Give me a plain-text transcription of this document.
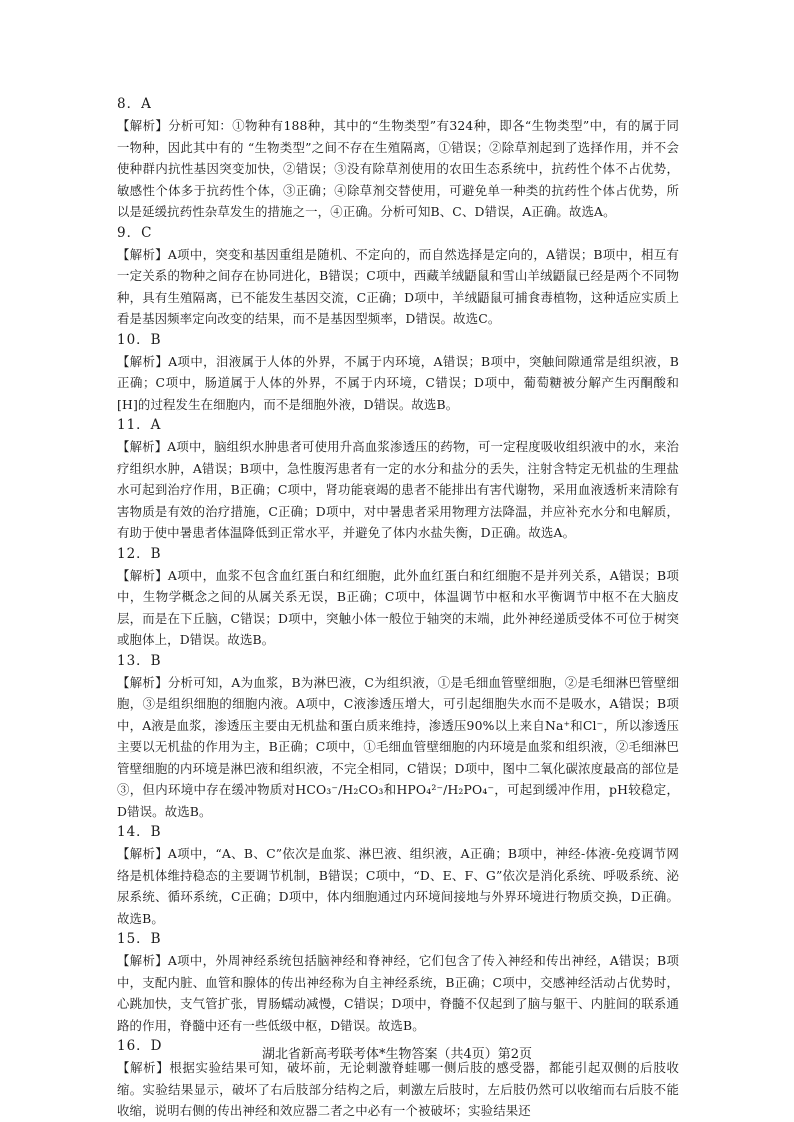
8．A
【解析】分析可知：①物种有188种，其中的“生物类型”有324种，即各“生物类型”中，有的属于同一物种，因此其中有的 “生物类型”之间不存在生殖隔离，①错误；②除草剂起到了选择作用，并不会使种群内抗性基因突变加快，②错误；③没有除草剂使用的农田生态系统中，抗药性个体不占优势，敏感性个体多于抗药性个体，③正确；④除草剂交替使用，可避免单一种类的抗药性个体占优势，所以是延缓抗药性杂草发生的措施之一，④正确。分析可知B、C、D错误，A正确。故选A。
9．C
【解析】A项中，突变和基因重组是随机、不定向的，而自然选择是定向的，A错误；B项中，相互有一定关系的物种之间存在协同进化，B错误；C项中，西藏羊绒鼯鼠和雪山羊绒鼯鼠已经是两个不同物种，具有生殖隔离，已不能发生基因交流，C正确；D项中，羊绒鼯鼠可捕食毒植物，这种适应实质上看是基因频率定向改变的结果，而不是基因型频率，D错误。故选C。
10．B
【解析】A项中，泪液属于人体的外界，不属于内环境，A错误；B项中，突触间隙通常是组织液，B正确；C项中，肠道属于人体的外界，不属于内环境，C错误；D项中，葡萄糖被分解产生丙酮酸和[H]的过程发生在细胞内，而不是细胞外液，D错误。故选B。
11．A
【解析】A项中，脑组织水肿患者可使用升高血浆渗透压的药物，可一定程度吸收组织液中的水，来治疗组织水肿，A错误；B项中，急性腹泻患者有一定的水分和盐分的丢失，注射含特定无机盐的生理盐水可起到治疗作用，B正确；C项中，肾功能衰竭的患者不能排出有害代谢物，采用血液透析来清除有害物质是有效的治疗措施，C正确；D项中，对中暑患者采用物理方法降温，并应补充水分和电解质，有助于使中暑患者体温降低到正常水平，并避免了体内水盐失衡，D正确。故选A。
12．B
【解析】A项中，血浆不包含血红蛋白和红细胞，此外血红蛋白和红细胞不是并列关系，A错误；B项中，生物学概念之间的从属关系无误，B正确；C项中，体温调节中枢和水平衡调节中枢不在大脑皮层，而是在下丘脑，C错误；D项中，突触小体一般位于轴突的末端，此外神经递质受体不可位于树突或胞体上，D错误。故选B。
13．B
【解析】分析可知，A为血浆，B为淋巴液，C为组织液，①是毛细血管壁细胞，②是毛细淋巴管壁细胞，③是组织细胞的细胞内液。A项中，C液渗透压增大，可引起细胞失水而不是吸水，A错误；B项中，A液是血浆，渗透压主要由无机盐和蛋白质来维持，渗透压90%以上来自Na⁺和Cl⁻，所以渗透压主要以无机盐的作用为主，B正确；C项中，①毛细血管壁细胞的内环境是血浆和组织液，②毛细淋巴管壁细胞的内环境是淋巴液和组织液，不完全相同，C错误；D项中，图中二氧化碳浓度最高的部位是③，但内环境中存在缓冲物质对HCO₃⁻/H₂CO₃和HPO₄²⁻/H₂PO₄⁻，可起到缓冲作用，pH较稳定，D错误。故选B。
14．B
【解析】A项中，“A、B、C”依次是血浆、淋巴液、组织液，A正确；B项中，神经-体液-免疫调节网络是机体维持稳态的主要调节机制，B错误；C项中，“D、E、F、G”依次是消化系统、呼吸系统、泌尿系统、循环系统，C正确；D项中，体内细胞通过内环境间接地与外界环境进行物质交换，D正确。故选B。
15．B
【解析】A项中，外周神经系统包括脑神经和脊神经，它们包含了传入神经和传出神经，A错误；B项中，支配内脏、血管和腺体的传出神经称为自主神经系统，B正确；C项中，交感神经活动占优势时，心跳加快，支气管扩张，胃肠蠕动减慢，C错误；D项中，脊髓不仅起到了脑与躯干、内脏间的联系通路的作用，脊髓中还有一些低级中枢，D错误。故选B。
16．D
【解析】根据实验结果可知，破坏前，无论刺激脊蛙哪一侧后肢的感受器，都能引起双侧的后肢收缩。实验结果显示，破坏了右后肢部分结构之后，刺激左后肢时，左后肢仍然可以收缩而右后肢不能收缩，说明右侧的传出神经和效应器二者之中必有一个被破坏；实验结果还
湖北省新高考联考体*生物答案（共4页）第2页
